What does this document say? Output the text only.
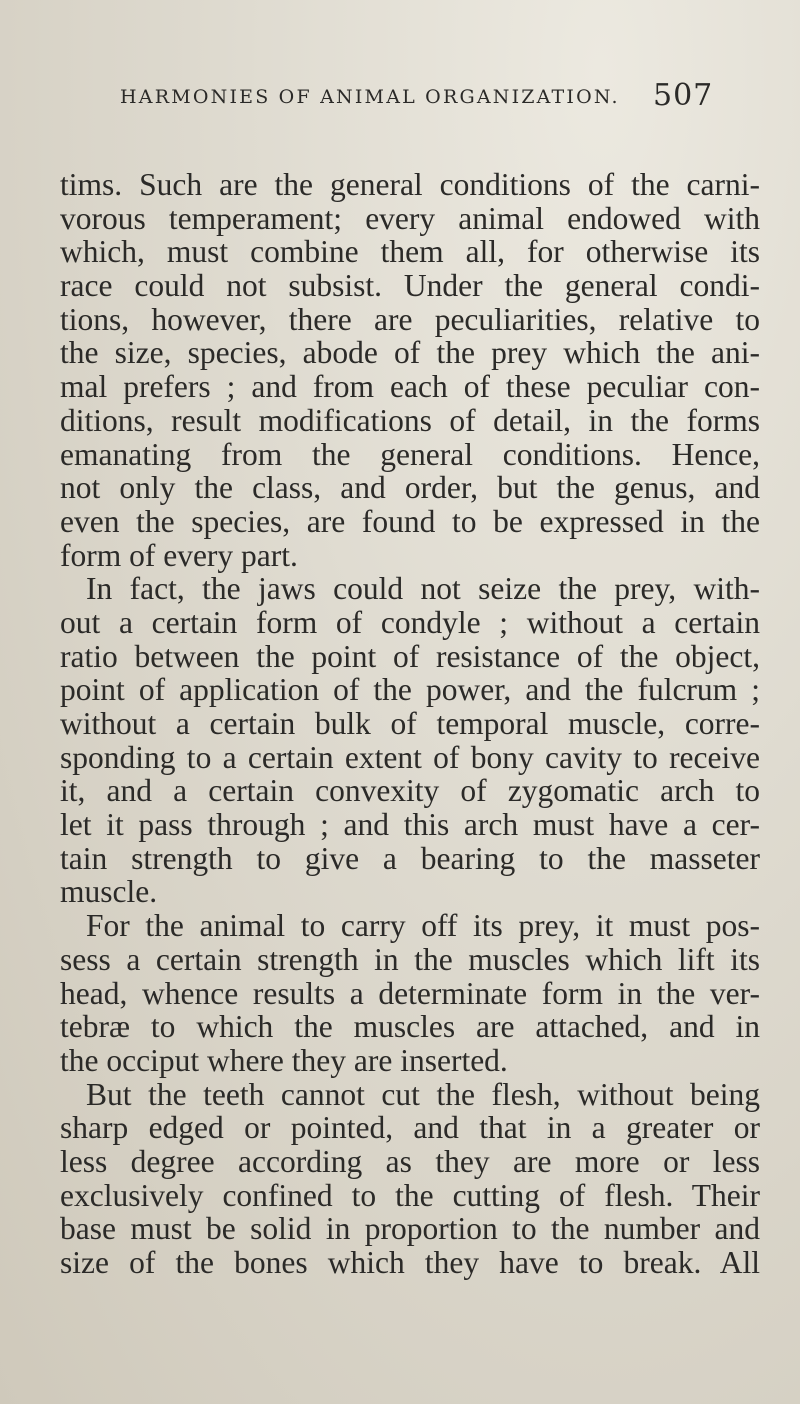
HARMONIES OF ANIMAL ORGANIZATION. 507
tims. Such are the general conditions of the carni-
vorous temperament; every animal endowed with
which, must combine them all, for otherwise its
race could not subsist. Under the general condi-
tions, however, there are peculiarities, relative to
the size, species, abode of the prey which the ani-
mal prefers ; and from each of these peculiar con-
ditions, result modifications of detail, in the forms
emanating from the general conditions. Hence,
not only the class, and order, but the genus, and
even the species, are found to be expressed in the
form of every part.
In fact, the jaws could not seize the prey, with-
out a certain form of condyle ; without a certain
ratio between the point of resistance of the object,
point of application of the power, and the fulcrum ;
without a certain bulk of temporal muscle, corre-
sponding to a certain extent of bony cavity to receive
it, and a certain convexity of zygomatic arch to
let it pass through ; and this arch must have a cer-
tain strength to give a bearing to the masseter
muscle.
For the animal to carry off its prey, it must pos-
sess a certain strength in the muscles which lift its
head, whence results a determinate form in the ver-
tebræ to which the muscles are attached, and in
the occiput where they are inserted.
But the teeth cannot cut the flesh, without being
sharp edged or pointed, and that in a greater or
less degree according as they are more or less
exclusively confined to the cutting of flesh. Their
base must be solid in proportion to the number and
size of the bones which they have to break. All
